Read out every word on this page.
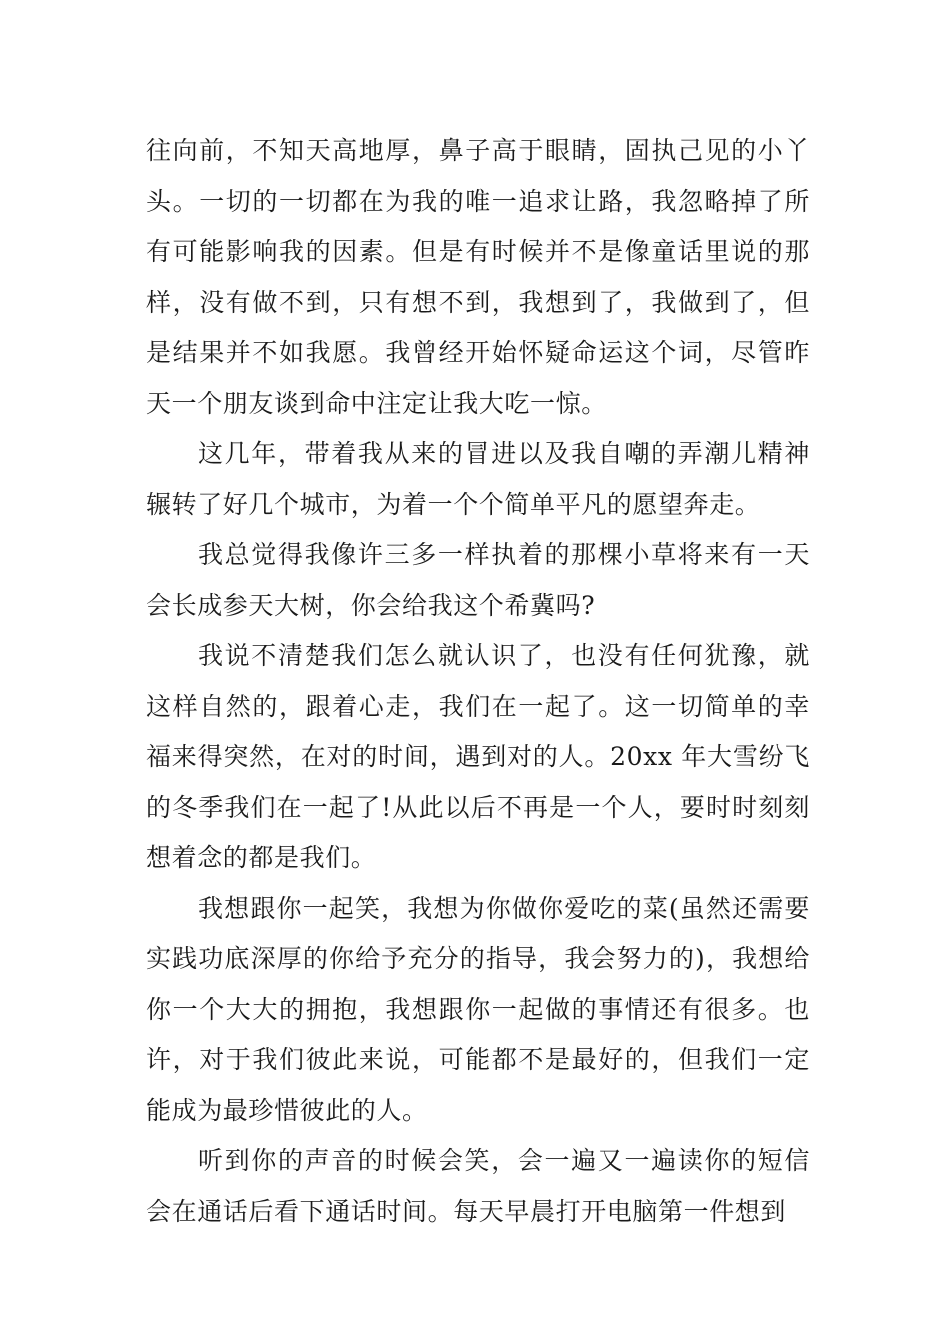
往向前，不知天高地厚，鼻子高于眼睛，固执己见的小丫头。一切的一切都在为我的唯一追求让路，我忽略掉了所有可能影响我的因素。但是有时候并不是像童话里说的那样，没有做不到，只有想不到，我想到了，我做到了，但是结果并不如我愿。我曾经开始怀疑命运这个词，尽管昨天一个朋友谈到命中注定让我大吃一惊。

这几年，带着我从来的冒进以及我自嘲的弄潮儿精神辗转了好几个城市，为着一个个简单平凡的愿望奔走。

我总觉得我像许三多一样执着的那棵小草将来有一天会长成参天大树，你会给我这个希冀吗?

我说不清楚我们怎么就认识了，也没有任何犹豫，就这样自然的，跟着心走，我们在一起了。这一切简单的幸福来得突然，在对的时间，遇到对的人。20xx 年大雪纷飞的冬季我们在一起了!从此以后不再是一个人，要时时刻刻想着念的都是我们。

我想跟你一起笑，我想为你做你爱吃的菜(虽然还需要实践功底深厚的你给予充分的指导，我会努力的)，我想给你一个大大的拥抱，我想跟你一起做的事情还有很多。也许，对于我们彼此来说，可能都不是最好的，但我们一定能成为最珍惜彼此的人。

听到你的声音的时候会笑，会一遍又一遍读你的短信会在通话后看下通话时间。每天早晨打开电脑第一件想到
